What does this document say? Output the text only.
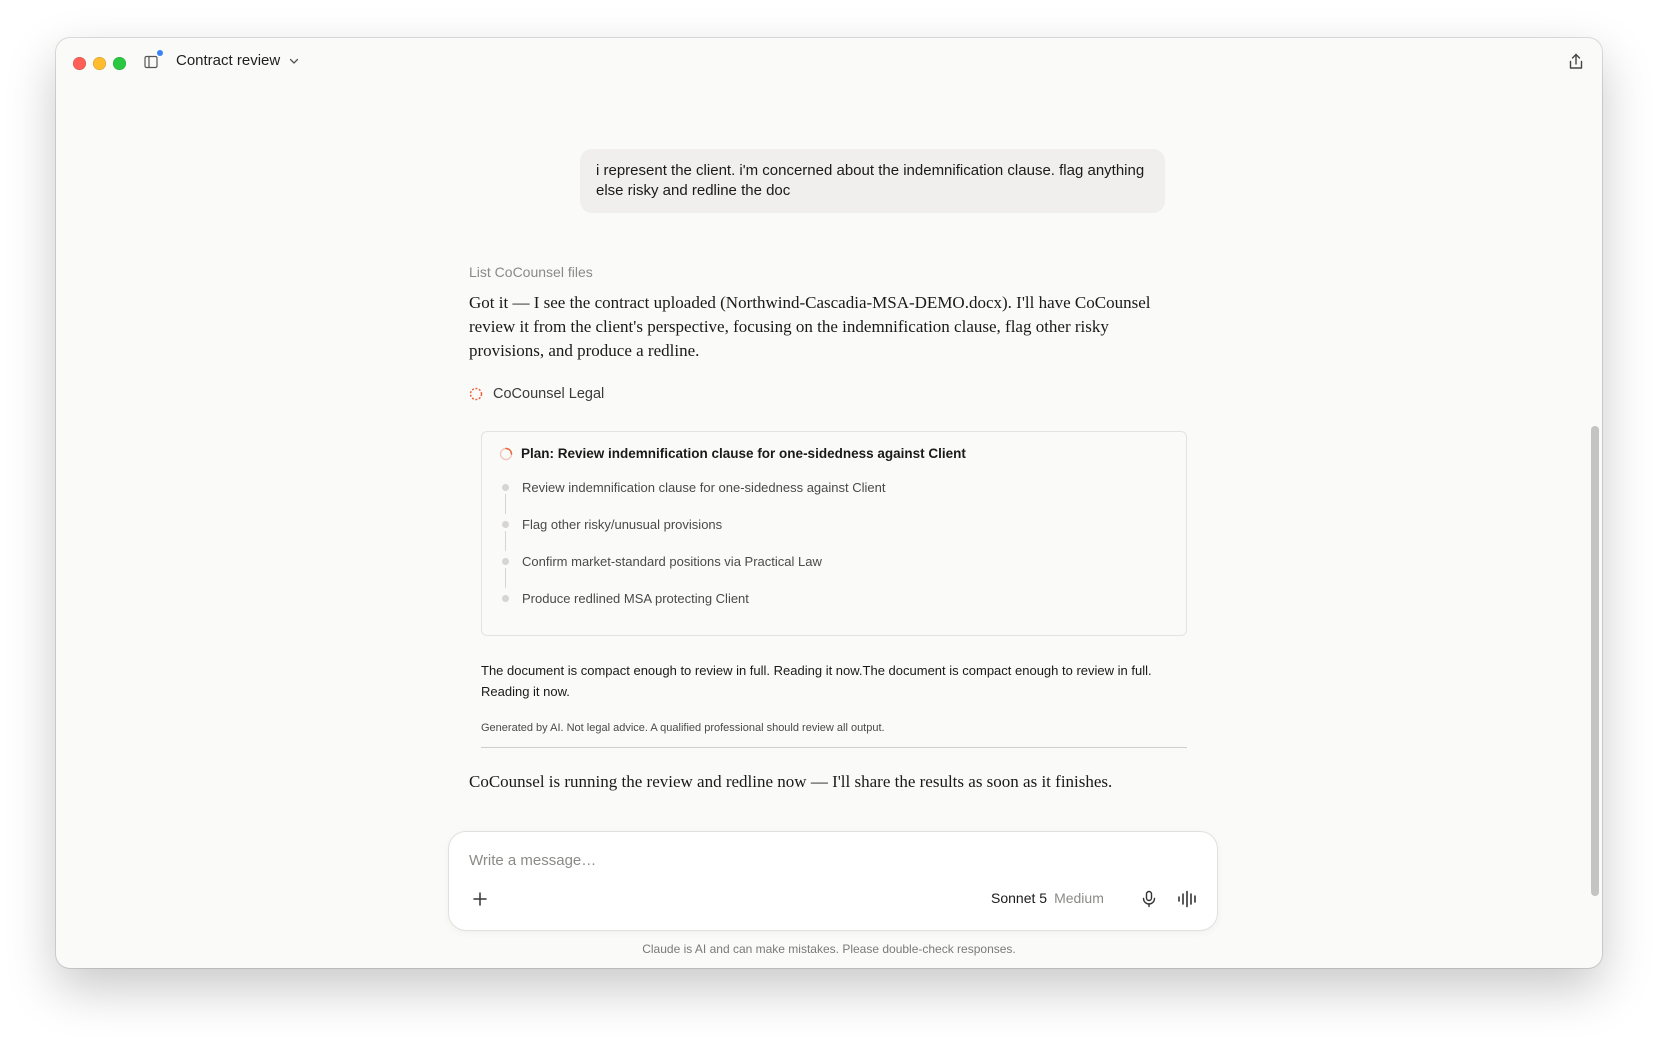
Contract review
i represent the client. i'm concerned about the indemnification clause. flag anything else risky and redline the doc
List CoCounsel files
Got it — I see the contract uploaded (Northwind-Cascadia-MSA-DEMO.docx). I'll have CoCounsel review it from the client's perspective, focusing on the indemnification clause, flag other risky provisions, and produce a redline.
CoCounsel Legal
Plan: Review indemnification clause for one-sidedness against Client
Review indemnification clause for one-sidedness against Client
Flag other risky/unusual provisions
Confirm market-standard positions via Practical Law
Produce redlined MSA protecting Client
The document is compact enough to review in full. Reading it now.The document is compact enough to review in full. Reading it now.
Generated by AI. Not legal advice. A qualified professional should review all output.
CoCounsel is running the review and redline now — I'll share the results as soon as it finishes.
Write a message…
Sonnet 5 Medium
Claude is AI and can make mistakes. Please double-check responses.
